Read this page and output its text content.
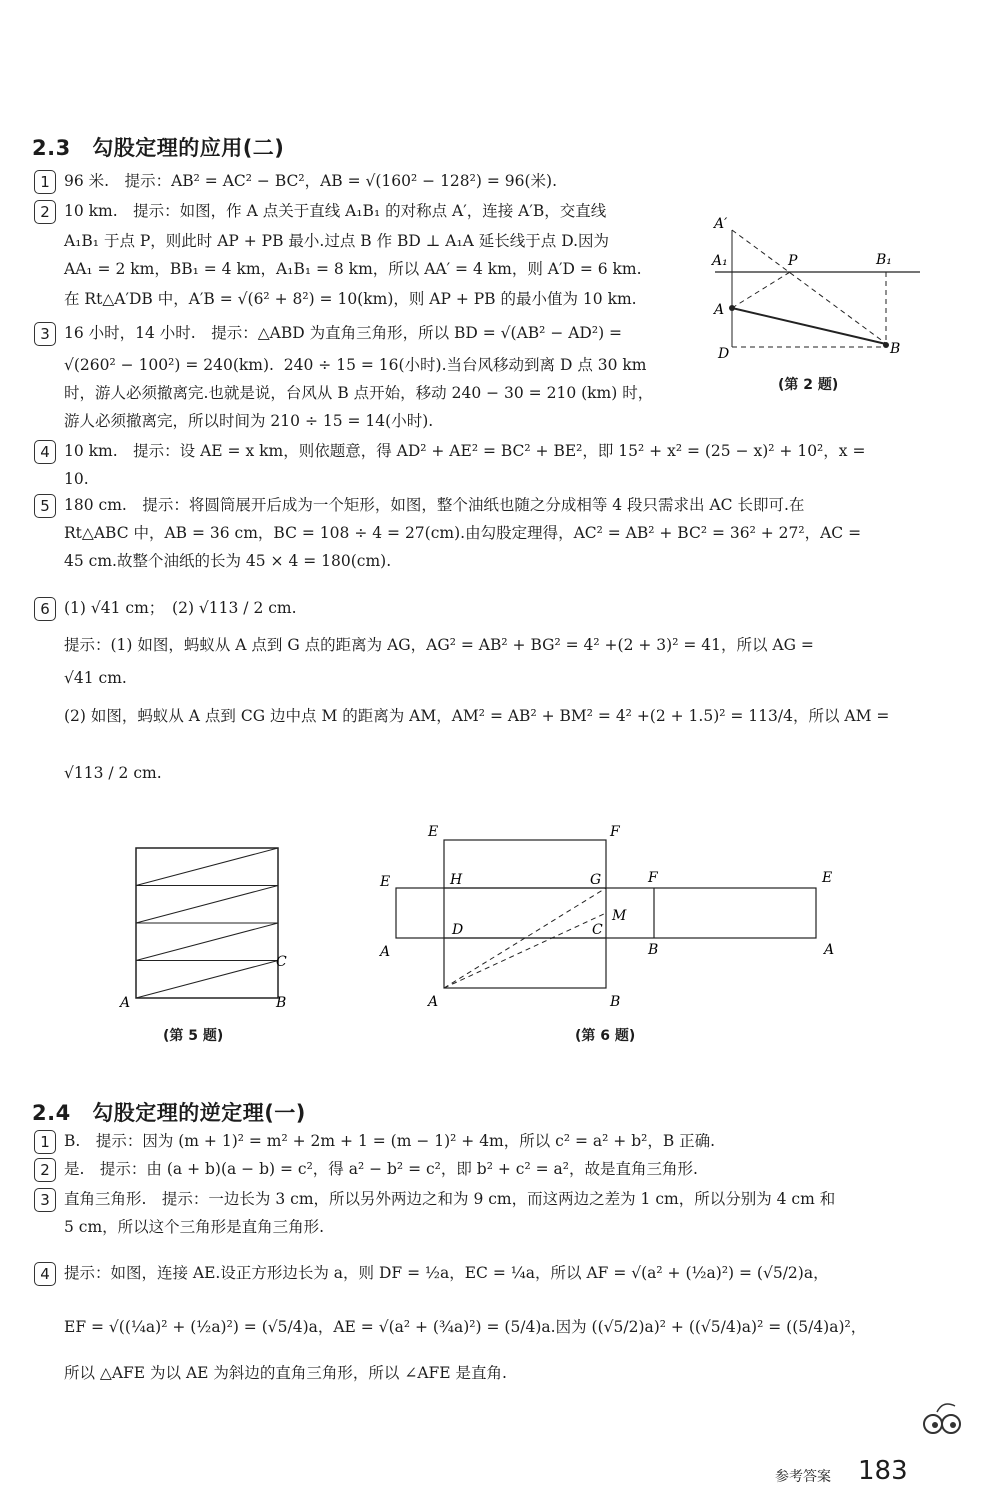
2.3　勾股定理的应用(二)
1 96 米.　提示：AB² = AC² − BC²，AB = √(160² − 128²) = 96(米).
2 10 km.　提示：如图，作 A 点关于直线 A₁B₁ 的对称点 A′，连接 A′B，交直线
A₁B₁ 于点 P，则此时 AP + PB 最小.过点 B 作 BD ⊥ A₁A 延长线于点 D.因为
AA₁ = 2 km，BB₁ = 4 km，A₁B₁ = 8 km，所以 AA′ = 4 km，则 A′D = 6 km.
在 Rt△A′DB 中，A′B = √(6² + 8²) = 10(km)，则 AP + PB 的最小值为 10 km.
3 16 小时，14 小时.　提示：△ABD 为直角三角形，所以 BD = √(AB² − AD²) =
√(260² − 100²) = 240(km).  240 ÷ 15 = 16(小时).当台风移动到离 D 点 30 km
时，游人必须撤离完.也就是说，台风从 B 点开始，移动 240 − 30 = 210 (km) 时，
游人必须撤离完，所以时间为 210 ÷ 15 = 14(小时).
A′
A₁	P	B₁
A
D	B
(第 2 题)
4 10 km.　提示：设 AE = x km，则依题意，得 AD² + AE² = BC² + BE²，即 15² + x² = (25 − x)² + 10²，x =
10.
5 180 cm.　提示：将圆筒展开后成为一个矩形，如图，整个油纸也随之分成相等 4 段只需求出 AC 长即可.在
Rt△ABC 中，AB = 36 cm，BC = 108 ÷ 4 = 27(cm).由勾股定理得，AC² = AB² + BC² = 36² + 27²，AC =
45 cm.故整个油纸的长为 45 × 4 = 180(cm).
6 (1) √41 cm；　(2) √113 / 2 cm.
提示：(1) 如图，蚂蚁从 A 点到 G 点的距离为 AG，AG² = AB² + BG² = 4² +(2 + 3)² = 41，所以 AG =
√41 cm.
(2) 如图，蚂蚁从 A 点到 CG 边中点 M 的距离为 AM，AM² = AB² + BM² = 4² +(2 + 1.5)² = 113/4，所以 AM =
√113 / 2 cm.
A	B
C
(第 5 题)
E	F
E	H	G	F	E
D	C
M
A	B	A
A	B
(第 6 题)
2.4　勾股定理的逆定理(一)
1 B.　提示：因为 (m + 1)² = m² + 2m + 1 = (m − 1)² + 4m，所以 c² = a² + b²，B 正确.
2 是.　提示：由 (a + b)(a − b) = c²，得 a² − b² = c²，即 b² + c² = a²，故是直角三角形.
3 直角三角形.　提示：一边长为 3 cm，所以另外两边之和为 9 cm，而这两边之差为 1 cm，所以分别为 4 cm 和
5 cm，所以这个三角形是直角三角形.
4 提示：如图，连接 AE.设正方形边长为 a，则 DF = ½a，EC = ¼a，所以 AF = √(a² + (½a)²) = (√5/2)a，
EF = √((¼a)² + (½a)²) = (√5/4)a，AE = √(a² + (¾a)²) = (5/4)a.因为 ((√5/2)a)² + ((√5/4)a)² = ((5/4)a)²，
所以 △AFE 为以 AE 为斜边的直角三角形，所以 ∠AFE 是直角.
参考答案 183
